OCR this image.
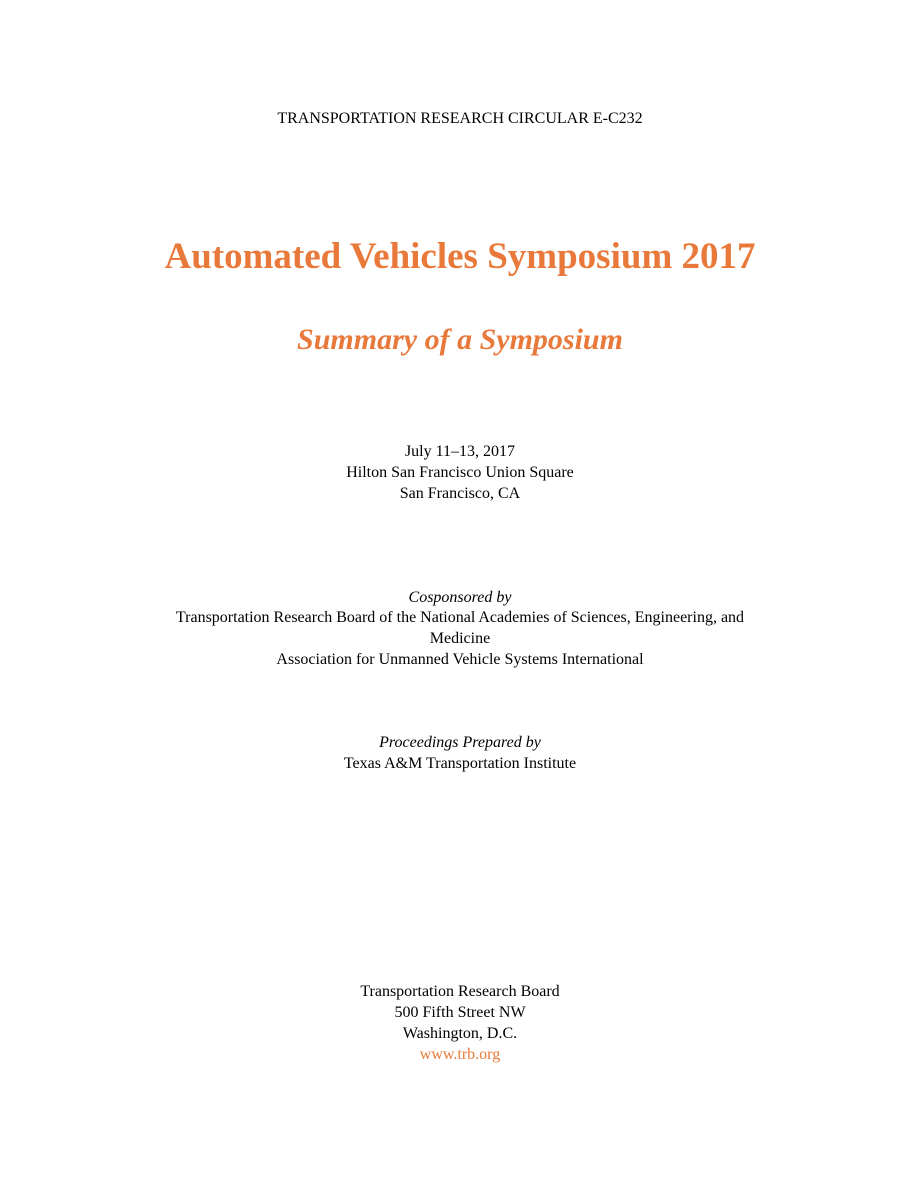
TRANSPORTATION RESEARCH CIRCULAR E-C232
Automated Vehicles Symposium 2017
Summary of a Symposium
July 11–13, 2017
Hilton San Francisco Union Square
San Francisco, CA
Cosponsored by
Transportation Research Board of the National Academies of Sciences, Engineering, and
Medicine
Association for Unmanned Vehicle Systems International
Proceedings Prepared by
Texas A&M Transportation Institute
Transportation Research Board
500 Fifth Street NW
Washington, D.C.
www.trb.org
